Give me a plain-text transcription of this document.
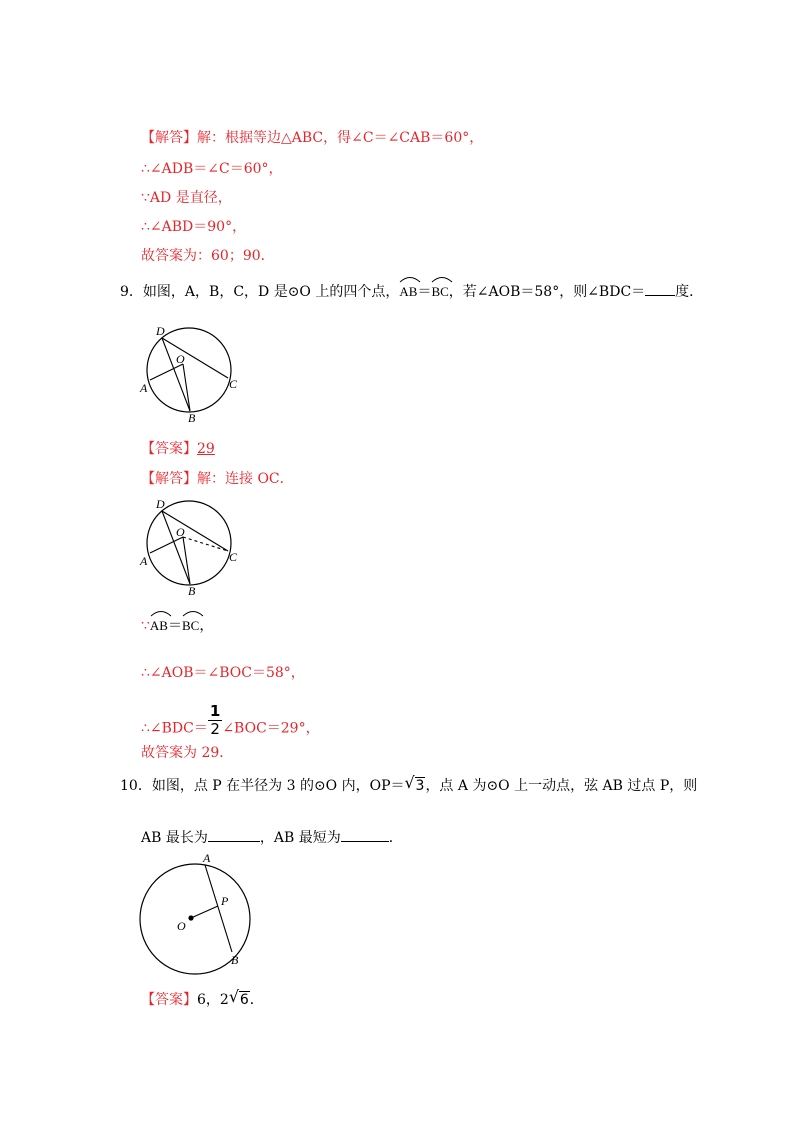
【解答】解：根据等边△ABC，得∠C＝∠CAB＝60°，
∴∠ADB＝∠C＝60°，
∵AD 是直径，
∴∠ABD＝90°，
故答案为：60；90．
9．如图，A，B，C，D 是⊙O 上的四个点，
AB＝
BC，若∠AOB＝58°，则∠BDC＝ 度．
D
O
A	C
B
【答案】29
【解答】解：连接 OC．
D
O
A	C
B
∵
AB＝
BC，
∴∠AOB＝∠BOC＝58°，
∴∠BDC＝ $\frac{1}{2}$ ∠BOC＝29°，
故答案为 29．
10．如图，点 P 在半径为 3 的⊙O 内，OP＝ √ 3，点 A 为⊙O 上一动点，弦 AB 过点 P，则
AB 最长为	，AB 最短为	．
A
P
O
B
【答案】6，2 √ 6．
